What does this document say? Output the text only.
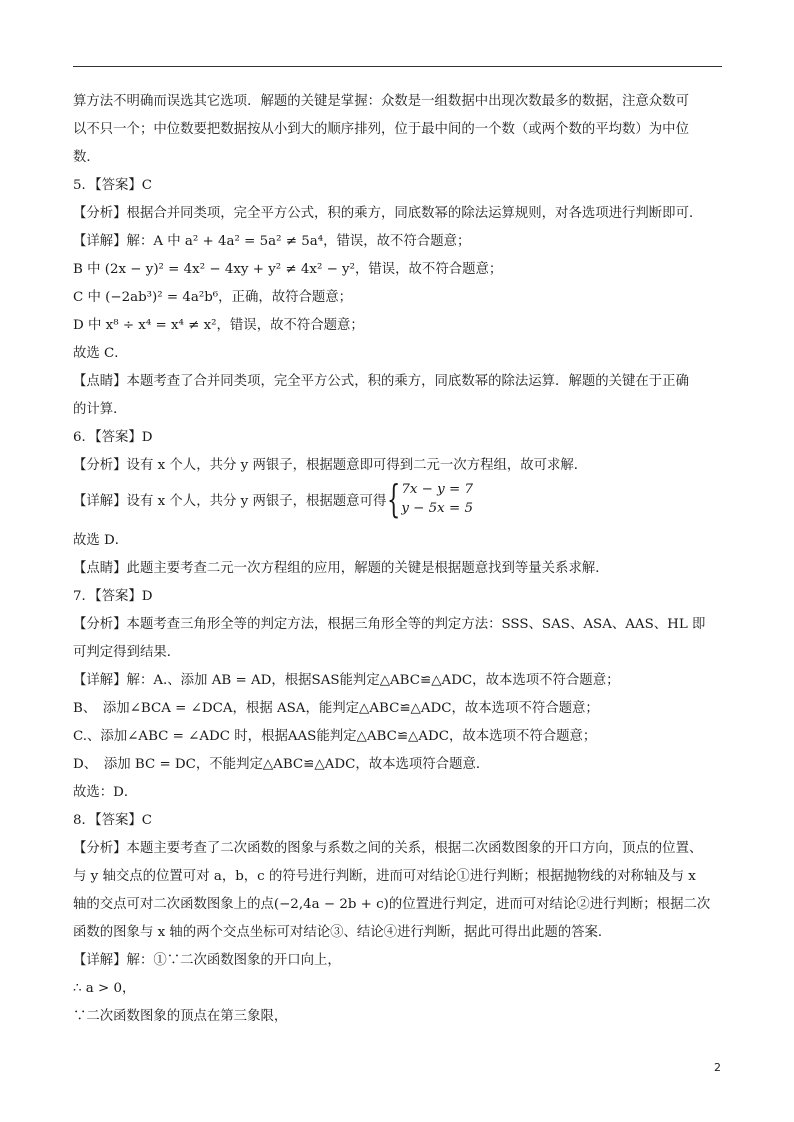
算方法不明确而误选其它选项．解题的关键是掌握：众数是一组数据中出现次数最多的数据，注意众数可

以不只一个；中位数要把数据按从小到大的顺序排列，位于最中间的一个数（或两个数的平均数）为中位

数．

5．【答案】C

【分析】根据合并同类项，完全平方公式，积的乘方，同底数幂的除法运算规则，对各选项进行判断即可．

【详解】解：A 中 a² + 4a² = 5a² ≠ 5a⁴，错误，故不符合题意；

B 中 (2x − y)² = 4x² − 4xy + y² ≠ 4x² − y²，错误，故不符合题意；

C 中 (−2ab³)² = 4a²b⁶，正确，故符合题意；

D 中 x⁸ ÷ x⁴ = x⁴ ≠ x²，错误，故不符合题意；

故选 C．

【点睛】本题考查了合并同类项，完全平方公式，积的乘方，同底数幂的除法运算．解题的关键在于正确

的计算．

6．【答案】D

【分析】设有 x 个人，共分 y 两银子，根据题意即可得到二元一次方程组，故可求解．

【详解】设有 x 个人，共分 y 两银子，根据题意可得 { 7x − y = 7
y − 5x = 5

故选 D．

【点睛】此题主要考查二元一次方程组的应用，解题的关键是根据题意找到等量关系求解．

7．【答案】D

【分析】本题考查三角形全等的判定方法，根据三角形全等的判定方法：SSS、SAS、ASA、AAS、HL 即

可判定得到结果．

【详解】解：A.、添加 AB = AD，根据SAS能判定△ABC≌△ADC，故本选项不符合题意；

B、　添加∠BCA = ∠DCA，根据 ASA，能判定△ABC≌△ADC，故本选项不符合题意；

C.、添加∠ABC = ∠ADC 时，根据AAS能判定△ABC≌△ADC，故本选项不符合题意；

D、　添加 BC = DC，不能判定△ABC≌△ADC，故本选项符合题意．

故选：D．

8．【答案】C

【分析】本题主要考查了二次函数的图象与系数之间的关系，根据二次函数图象的开口方向，顶点的位置、

与 y 轴交点的位置可对 a，b，c 的符号进行判断，进而可对结论①进行判断；根据抛物线的对称轴及与 x

轴的交点可对二次函数图象上的点(−2,4a − 2b + c)的位置进行判定，进而可对结论②进行判断；根据二次

函数的图象与 x 轴的两个交点坐标可对结论③、结论④进行判断，据此可得出此题的答案．

【详解】解：①∵二次函数图象的开口向上，

∴ a > 0，

∵二次函数图象的顶点在第三象限，

2
